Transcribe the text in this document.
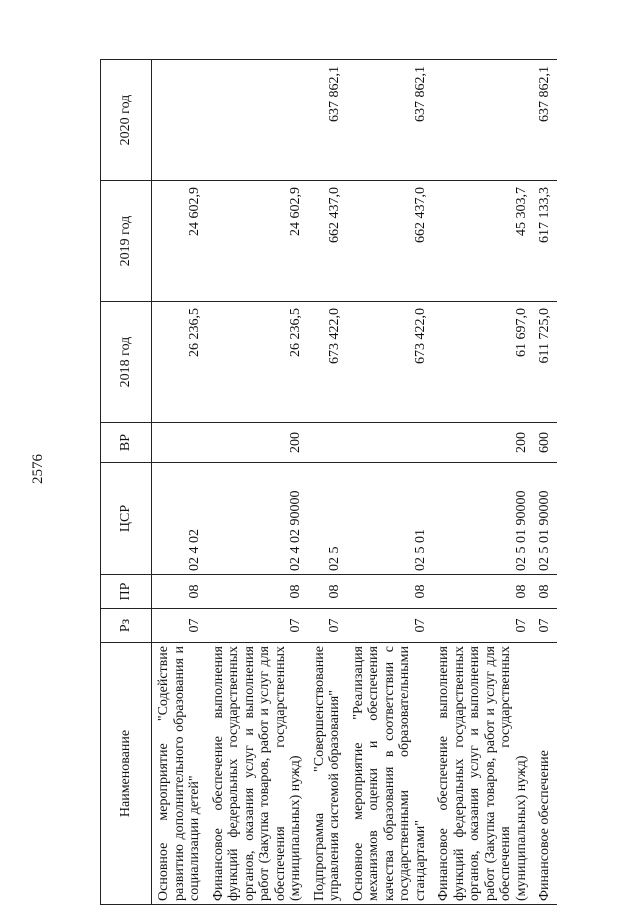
2576
Наименование	Рз	ПР	ЦСР	ВР	2018 год	2019 год	2020 год
Основное мероприятие "Содействие развитию дополнительного образования и социализации детей"	07	08	02 4 02		26 236,5	24 602,9	
Финансовое обеспечение выполнения функций федеральных государственных органов, оказания услуг и выполнения работ (Закупка товаров, работ и услуг для обеспечения государственных (муниципальных) нужд)	07	08	02 4 02 90000	200	26 236,5	24 602,9	
Подпрограмма "Совершенствование управления системой образования"	07	08	02 5		673 422,0	662 437,0	637 862,1
Основное мероприятие "Реализация механизмов оценки и обеспечения качества образования в соответствии с государственными образовательными стандартами"	07	08	02 5 01		673 422,0	662 437,0	637 862,1
Финансовое обеспечение выполнения функций федеральных государственных органов, оказания услуг и выполнения работ (Закупка товаров, работ и услуг для обеспечения государственных (муниципальных) нужд)	07	08	02 5 01 90000	200	61 697,0	45 303,7	
Финансовое обеспечение	07	08	02 5 01 90000	600	611 725,0	617 133,3	637 862,1
